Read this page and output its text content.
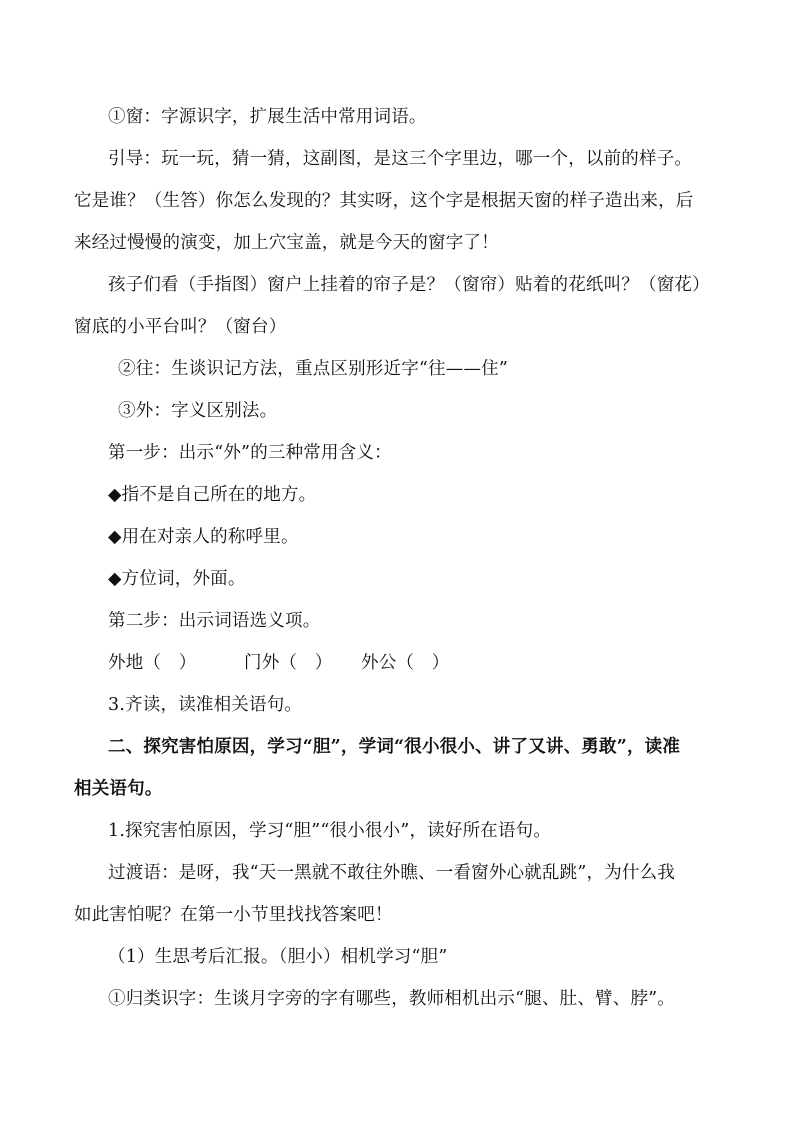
①窗：字源识字，扩展生活中常用词语。
引导：玩一玩，猜一猜，这副图，是这三个字里边，哪一个，以前的样子。
它是谁？（生答）你怎么发现的？其实呀，这个字是根据天窗的样子造出来，后
来经过慢慢的演变，加上穴宝盖，就是今天的窗字了！
孩子们看（手指图）窗户上挂着的帘子是？（窗帘）贴着的花纸叫？（窗花）
窗底的小平台叫？（窗台）
②往：生谈识记方法，重点区别形近字“往——住”
③外：字义区别法。
第一步：出示“外”的三种常用含义：
◆指不是自己所在的地方。
◆用在对亲人的称呼里。
◆方位词，外面。
第二步：出示词语选义项。
外地（　）	门外（　） 外公（　）
3.齐读，读准相关语句。
二、探究害怕原因，学习“胆”，学词“很小很小、讲了又讲、勇敢”，读准
相关语句。
1.探究害怕原因，学习“胆”“很小很小”，读好所在语句。
过渡语：是呀，我“天一黑就不敢往外瞧、一看窗外心就乱跳”，为什么我
如此害怕呢？在第一小节里找找答案吧！
（1）生思考后汇报。（胆小）相机学习“胆”
①归类识字：生谈月字旁的字有哪些，教师相机出示“腿、肚、臂、脖”。
